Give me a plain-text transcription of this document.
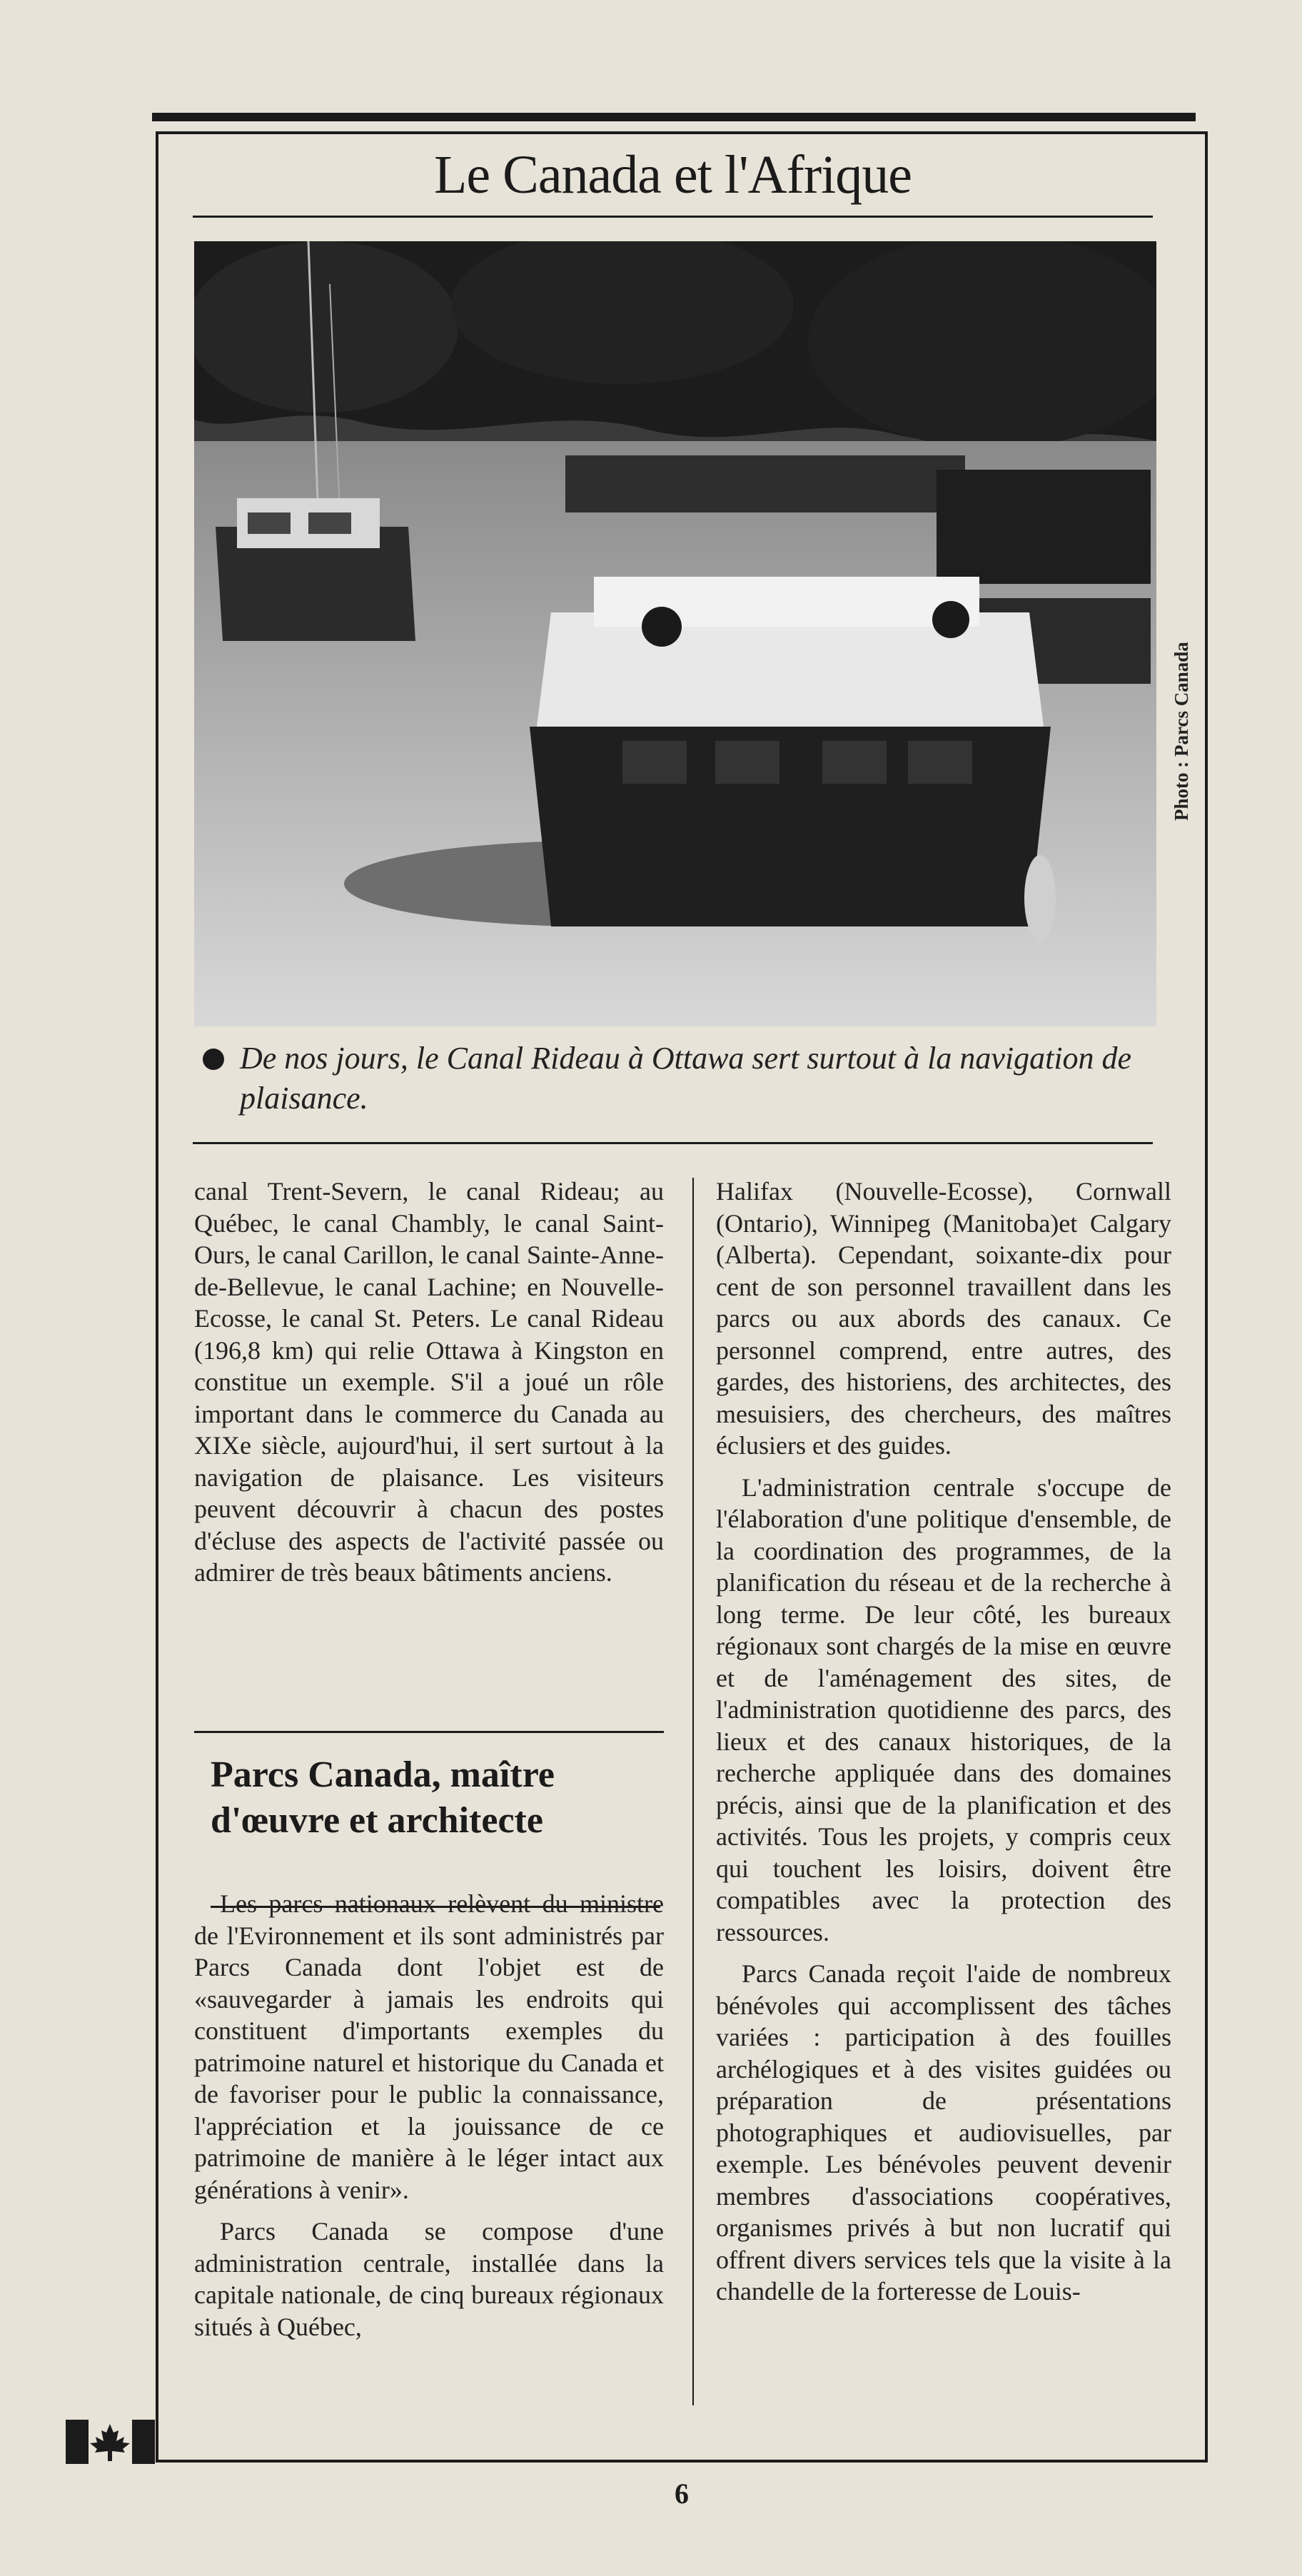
Le Canada et l'Afrique
Photo : Parcs Canada
De nos jours, le Canal Rideau à Ottawa sert surtout à la navigation de plaisance.

canal Trent-Severn, le canal Rideau; au Québec, le canal Chambly, le canal Saint-Ours, le canal Carillon, le canal Sainte-Anne-de-Bellevue, le canal Lachine; en Nouvelle-Ecosse, le canal St. Peters. Le canal Rideau (196,8 km) qui relie Ottawa à Kingston en constitue un exemple. S'il a joué un rôle important dans le commerce du Canada au XIXe siècle, aujourd'hui, il sert surtout à la navigation de plaisance. Les visiteurs peuvent découvrir à chacun des postes d'écluse des aspects de l'activité passée ou admirer de très beaux bâtiments anciens.

Parcs Canada, maître d'œuvre et architecte

Les parcs nationaux relèvent du ministre de l'Evironnement et ils sont administrés par Parcs Canada dont l'objet est de «sauvegarder à jamais les endroits qui constituent d'importants exemples du patrimoine naturel et historique du Canada et de favoriser pour le public la connaissance, l'appréciation et la jouissance de ce patrimoine de manière à le léger intact aux générations à venir».

Parcs Canada se compose d'une administration centrale, installée dans la capitale nationale, de cinq bureaux régionaux situés à Québec,

Halifax (Nouvelle-Ecosse), Cornwall (Ontario), Winnipeg (Manitoba)et Calgary (Alberta). Cependant, soixante-dix pour cent de son personnel travaillent dans les parcs ou aux abords des canaux. Ce personnel comprend, entre autres, des gardes, des historiens, des architectes, des mesuisiers, des chercheurs, des maîtres éclusiers et des guides.

L'administration centrale s'occupe de l'élaboration d'une politique d'ensemble, de la coordination des programmes, de la planification du réseau et de la recherche à long terme. De leur côté, les bureaux régionaux sont chargés de la mise en œuvre et de l'aménagement des sites, de l'administration quotidienne des parcs, des lieux et des canaux historiques, de la recherche appliquée dans des domaines précis, ainsi que de la planification et des activités. Tous les projets, y compris ceux qui touchent les loisirs, doivent être compatibles avec la protection des ressources.

Parcs Canada reçoit l'aide de nombreux bénévoles qui accomplissent des tâches variées : participation à des fouilles archélogiques et à des visites guidées ou préparation de présentations photographiques et audiovisuelles, par exemple. Les bénévoles peuvent devenir membres d'associations coopératives, organismes privés à but non lucratif qui offrent divers services tels que la visite à la chandelle de la forteresse de Louis-

6
